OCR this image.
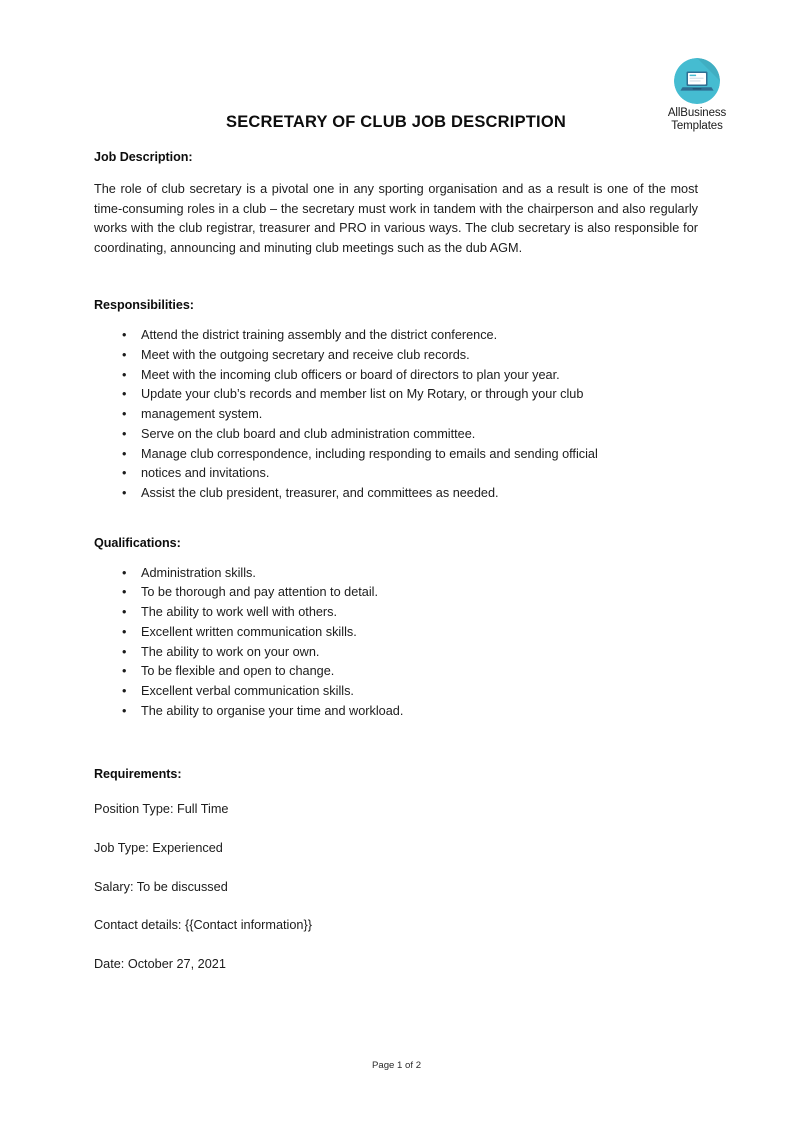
AllBusiness
Templates
SECRETARY OF CLUB JOB DESCRIPTION
Job Description:

The role of club secretary is a pivotal one in any sporting organisation and as a result is one of the most time-consuming roles in a club – the secretary must work in tandem with the chairperson and also regularly works with the club registrar, treasurer and PRO in various ways. The club secretary is also responsible for coordinating, announcing and minuting club meetings such as the dub AGM.

Responsibilities:
• Attend the district training assembly and the district conference.
• Meet with the outgoing secretary and receive club records.
• Meet with the incoming club officers or board of directors to plan your year.
• Update your club’s records and member list on My Rotary, or through your club
• management system.
• Serve on the club board and club administration committee.
• Manage club correspondence, including responding to emails and sending official
• notices and invitations.
• Assist the club president, treasurer, and committees as needed.
Qualifications:
• Administration skills.
• To be thorough and pay attention to detail.
• The ability to work well with others.
• Excellent written communication skills.
• The ability to work on your own.
• To be flexible and open to change.
• Excellent verbal communication skills.
• The ability to organise your time and workload.
Requirements:
Position Type: Full Time
Job Type: Experienced
Salary: To be discussed
Contact details: {{Contact information}}
Date: October 27, 2021
Page 1 of 2
